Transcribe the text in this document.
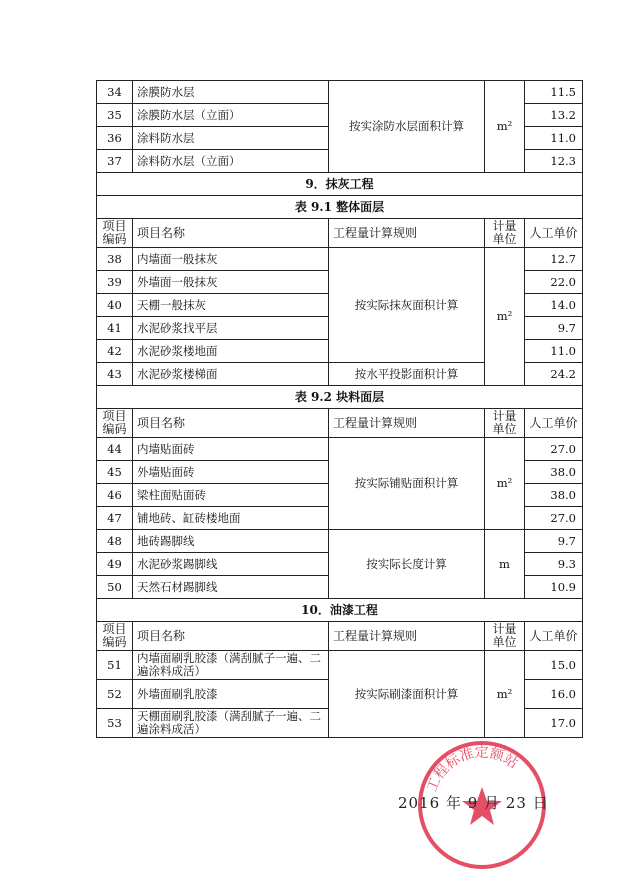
34	涂膜防水层	按实涂防水层面积计算	m²	11.5
35	涂膜防水层（立面）			13.2
36	涂料防水层			11.0
37	涂料防水层（立面）			12.3
9．抹灰工程				
表 9.1 整体面层				
项目编码	项目名称	工程量计算规则	计量单位	人工单价
38	内墙面一般抹灰	按实际抹灰面积计算	m²	12.7
39	外墙面一般抹灰			22.0
40	天棚一般抹灰			14.0
41	水泥砂浆找平层			9.7
42	水泥砂浆楼地面			11.0
43	水泥砂浆楼梯面	按水平投影面积计算		24.2
表 9.2 块料面层				
项目编码	项目名称	工程量计算规则	计量单位	人工单价
44	内墙贴面砖	按实际铺贴面积计算	m²	27.0
45	外墙贴面砖			38.0
46	梁柱面贴面砖			38.0
47	铺地砖、缸砖楼地面			27.0
48	地砖踢脚线	按实际长度计算	m	9.7
49	水泥砂浆踢脚线			9.3
50	天然石材踢脚线			10.9
10．油漆工程				
项目编码	项目名称	工程量计算规则	计量单位	人工单价
51	内墙面刷乳胶漆（满刮腻子一遍、二遍涂料成活）	按实际刷漆面积计算	m²	15.0
52	外墙面刷乳胶漆			16.0
53	天棚面刷乳胶漆（满刮腻子一遍、二遍涂料成活）			17.0
工程标准定额站
2016 年 9 月 23 日
